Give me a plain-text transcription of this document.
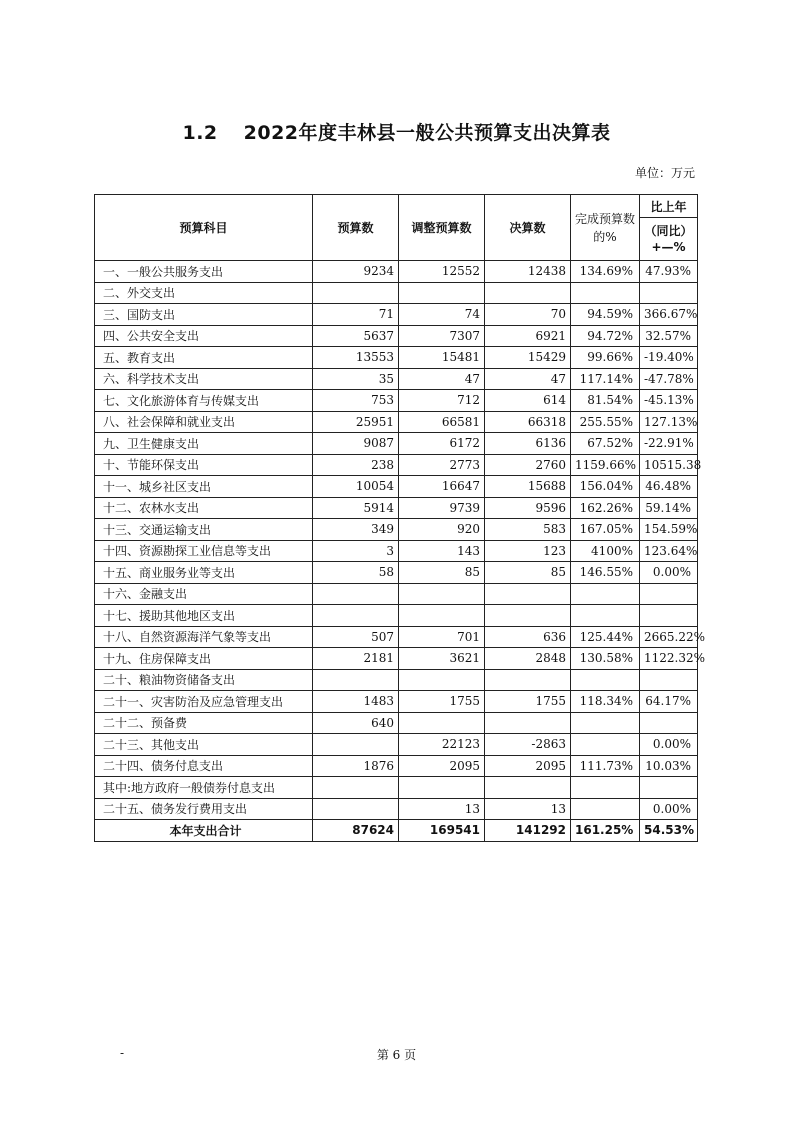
1.2 2022年度丰林县一般公共预算支出决算表
单位：万元
预算科目	预算数	调整预算数	决算数	完成预算数的%	比上年
					（同比）+—%
一、一般公共服务支出	9234	12552	12438	134.69%	47.93%
二、外交支出					
三、国防支出	71	74	70	94.59%	366.67%
四、公共安全支出	5637	7307	6921	94.72%	32.57%
五、教育支出	13553	15481	15429	99.66%	-19.40%
六、科学技术支出	35	47	47	117.14%	-47.78%
七、文化旅游体育与传媒支出	753	712	614	81.54%	-45.13%
八、社会保障和就业支出	25951	66581	66318	255.55%	127.13%
九、卫生健康支出	9087	6172	6136	67.52%	-22.91%
十、节能环保支出	238	2773	2760	1159.66%	10515.38
十一、城乡社区支出	10054	16647	15688	156.04%	46.48%
十二、农林水支出	5914	9739	9596	162.26%	59.14%
十三、交通运输支出	349	920	583	167.05%	154.59%
十四、资源勘探工业信息等支出	3	143	123	4100%	123.64%
十五、商业服务业等支出	58	85	85	146.55%	0.00%
十六、金融支出					
十七、援助其他地区支出					
十八、自然资源海洋气象等支出	507	701	636	125.44%	2665.22%
十九、住房保障支出	2181	3621	2848	130.58%	1122.32%
二十、粮油物资储备支出					
二十一、灾害防治及应急管理支出	1483	1755	1755	118.34%	64.17%
二十二、预备费	640				
二十三、其他支出		22123	-2863		0.00%
二十四、债务付息支出	1876	2095	2095	111.73%	10.03%
其中:地方政府一般债券付息支出					
二十五、债务发行费用支出		13	13		0.00%
本年支出合计	87624	169541	141292	161.25%	54.53%
-	第 6 页
